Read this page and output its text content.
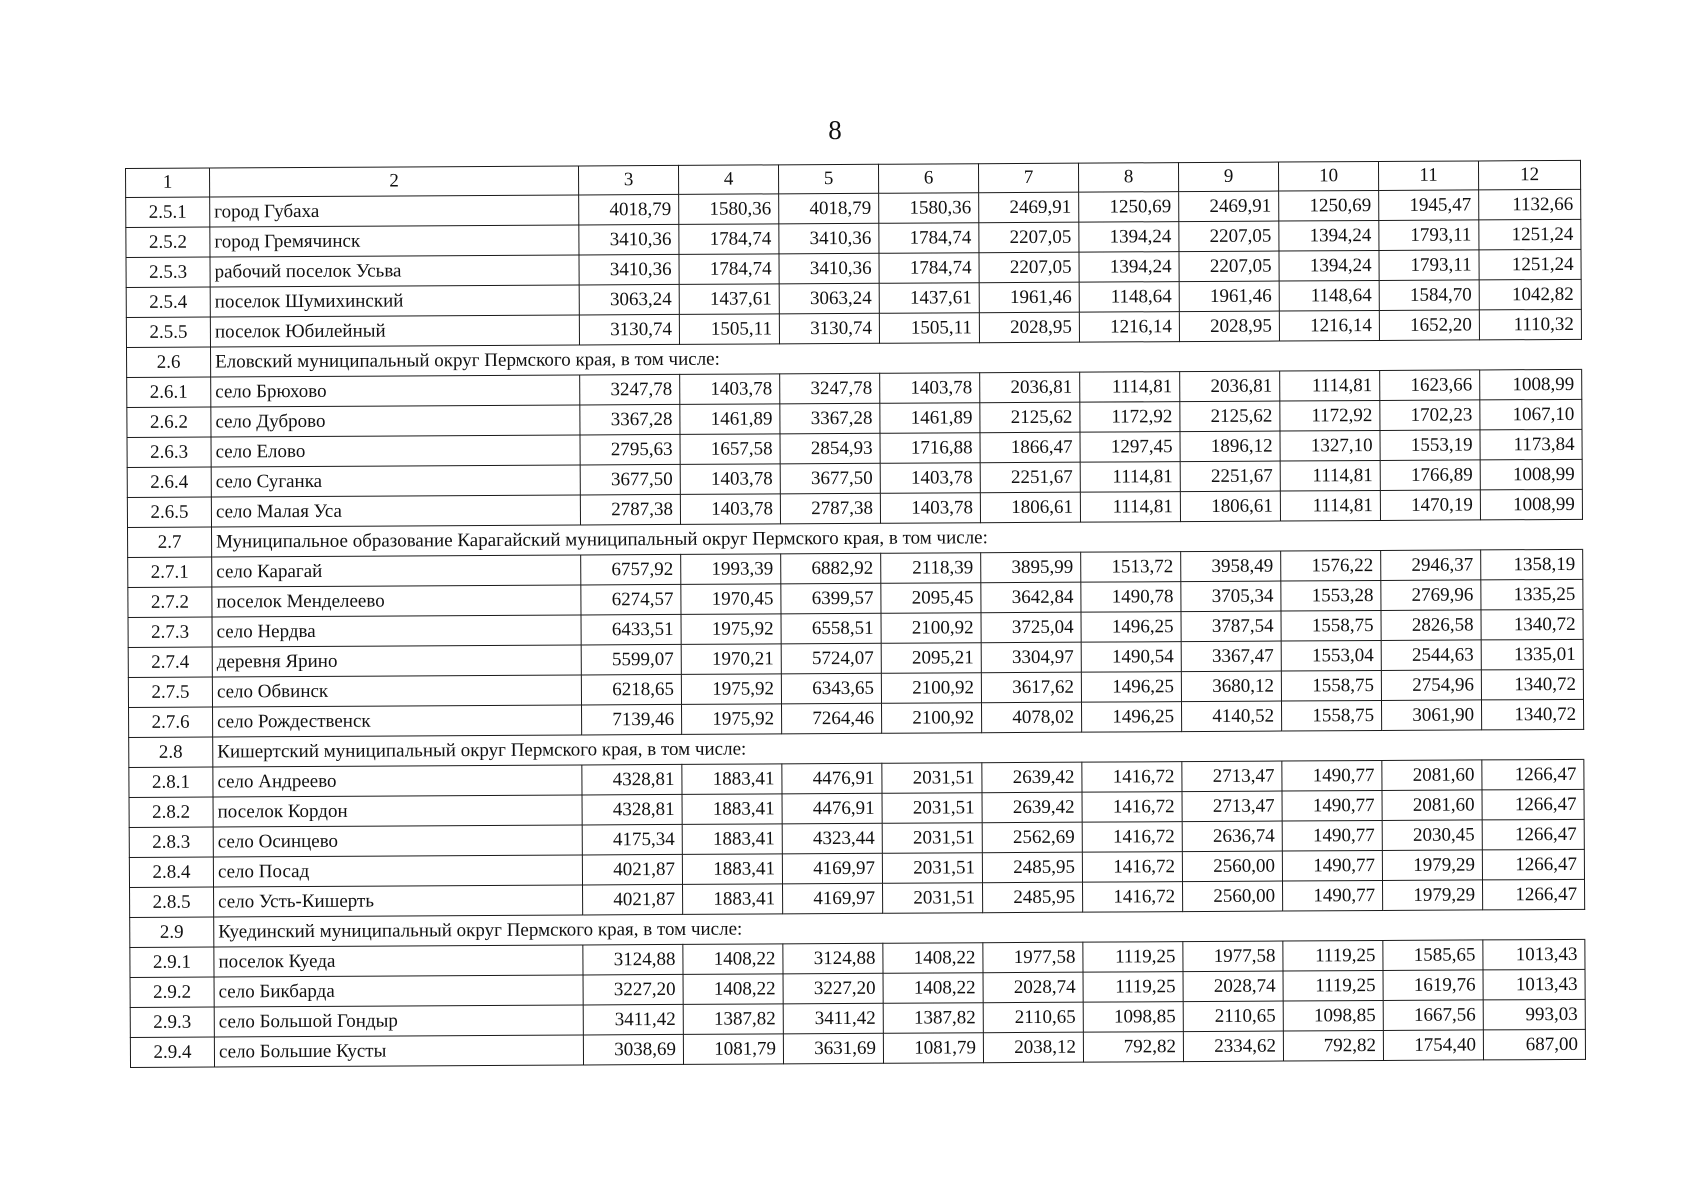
8
1	2	3	4	5	6	7	8	9	10	11	12
2.5.1	город Губаха	4018,79	1580,36	4018,79	1580,36	2469,91	1250,69	2469,91	1250,69	1945,47	1132,66
2.5.2	город Гремячинск	3410,36	1784,74	3410,36	1784,74	2207,05	1394,24	2207,05	1394,24	1793,11	1251,24
2.5.3	рабочий поселок Усьва	3410,36	1784,74	3410,36	1784,74	2207,05	1394,24	2207,05	1394,24	1793,11	1251,24
2.5.4	поселок Шумихинский	3063,24	1437,61	3063,24	1437,61	1961,46	1148,64	1961,46	1148,64	1584,70	1042,82
2.5.5	поселок Юбилейный	3130,74	1505,11	3130,74	1505,11	2028,95	1216,14	2028,95	1216,14	1652,20	1110,32
2.6	Еловский муниципальный округ Пермского края, в том числе:										
2.6.1	село Брюхово	3247,78	1403,78	3247,78	1403,78	2036,81	1114,81	2036,81	1114,81	1623,66	1008,99
2.6.2	село Дуброво	3367,28	1461,89	3367,28	1461,89	2125,62	1172,92	2125,62	1172,92	1702,23	1067,10
2.6.3	село Елово	2795,63	1657,58	2854,93	1716,88	1866,47	1297,45	1896,12	1327,10	1553,19	1173,84
2.6.4	село Суганка	3677,50	1403,78	3677,50	1403,78	2251,67	1114,81	2251,67	1114,81	1766,89	1008,99
2.6.5	село Малая Уса	2787,38	1403,78	2787,38	1403,78	1806,61	1114,81	1806,61	1114,81	1470,19	1008,99
2.7	Муниципальное образование Карагайский муниципальный округ Пермского края, в том числе:										
2.7.1	село Карагай	6757,92	1993,39	6882,92	2118,39	3895,99	1513,72	3958,49	1576,22	2946,37	1358,19
2.7.2	поселок Менделеево	6274,57	1970,45	6399,57	2095,45	3642,84	1490,78	3705,34	1553,28	2769,96	1335,25
2.7.3	село Нердва	6433,51	1975,92	6558,51	2100,92	3725,04	1496,25	3787,54	1558,75	2826,58	1340,72
2.7.4	деревня Ярино	5599,07	1970,21	5724,07	2095,21	3304,97	1490,54	3367,47	1553,04	2544,63	1335,01
2.7.5	село Обвинск	6218,65	1975,92	6343,65	2100,92	3617,62	1496,25	3680,12	1558,75	2754,96	1340,72
2.7.6	село Рождественск	7139,46	1975,92	7264,46	2100,92	4078,02	1496,25	4140,52	1558,75	3061,90	1340,72
2.8	Кишертский муниципальный округ Пермского края, в том числе:										
2.8.1	село Андреево	4328,81	1883,41	4476,91	2031,51	2639,42	1416,72	2713,47	1490,77	2081,60	1266,47
2.8.2	поселок Кордон	4328,81	1883,41	4476,91	2031,51	2639,42	1416,72	2713,47	1490,77	2081,60	1266,47
2.8.3	село Осинцево	4175,34	1883,41	4323,44	2031,51	2562,69	1416,72	2636,74	1490,77	2030,45	1266,47
2.8.4	село Посад	4021,87	1883,41	4169,97	2031,51	2485,95	1416,72	2560,00	1490,77	1979,29	1266,47
2.8.5	село Усть-Кишерть	4021,87	1883,41	4169,97	2031,51	2485,95	1416,72	2560,00	1490,77	1979,29	1266,47
2.9	Куединский муниципальный округ Пермского края, в том числе:										
2.9.1	поселок Куеда	3124,88	1408,22	3124,88	1408,22	1977,58	1119,25	1977,58	1119,25	1585,65	1013,43
2.9.2	село Бикбарда	3227,20	1408,22	3227,20	1408,22	2028,74	1119,25	2028,74	1119,25	1619,76	1013,43
2.9.3	село Большой Гондыр	3411,42	1387,82	3411,42	1387,82	2110,65	1098,85	2110,65	1098,85	1667,56	993,03
2.9.4	село Большие Кусты	3038,69	1081,79	3631,69	1081,79	2038,12	792,82	2334,62	792,82	1754,40	687,00
